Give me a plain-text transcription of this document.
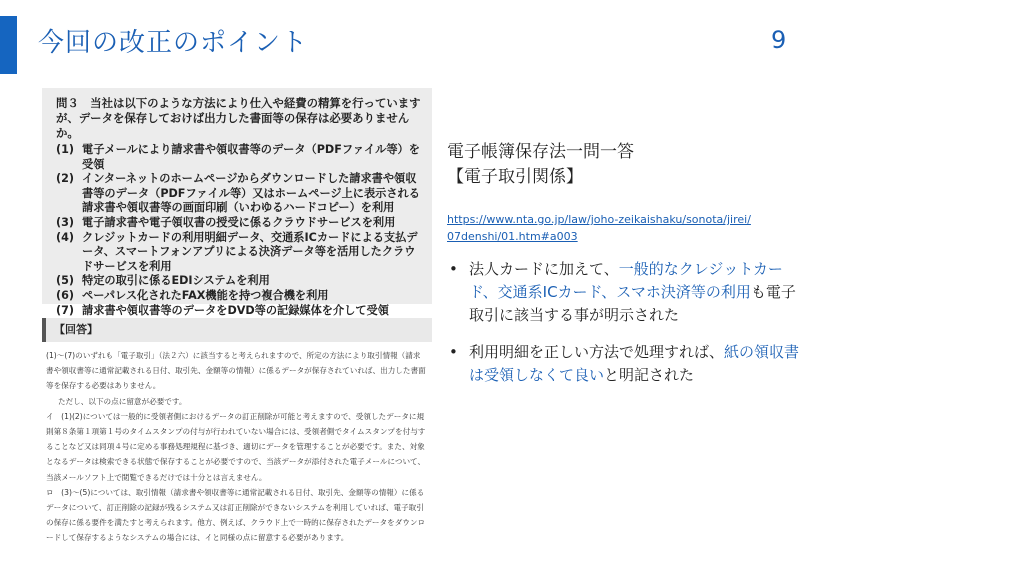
今回の改正のポイント	9
問３　当社は以下のような方法により仕入や経費の精算を行っていますが、データを保存しておけば出力した書面等の保存は必要ありませんか。
(1) 電子メールにより請求書や領収書等のデータ（PDFファイル等）を受領
(2) インターネットのホームページからダウンロードした請求書や領収書等のデータ（PDFファイル等）又はホームページ上に表示される請求書や領収書等の画面印刷（いわゆるハードコピー）を利用
(3) 電子請求書や電子領収書の授受に係るクラウドサービスを利用
(4) クレジットカードの利用明細データ、交通系ICカードによる支払データ、スマートフォンアプリによる決済データ等を活用したクラウドサービスを利用
(5) 特定の取引に係るEDIシステムを利用
(6) ペーパレス化されたFAX機能を持つ複合機を利用
(7) 請求書や領収書等のデータをDVD等の記録媒体を介して受領
【回答】
(1)～(7)のいずれも「電子取引」（法２六）に該当すると考えられますので、所定の方法により取引情報（請求書や領収書等に通常記載される日付、取引先、金額等の情報）に係るデータが保存されていれば、出力した書面等を保存する必要はありません。
ただし、以下の点に留意が必要です。
イ　(1)(2)については一般的に受領者側におけるデータの訂正削除が可能と考えますので、受領したデータに規則第８条第１項第１号のタイムスタンプの付与が行われていない場合には、受領者側でタイムスタンプを付与することなど又は同項４号に定める事務処理規程に基づき、適切にデータを管理することが必要です。また、対象となるデータは検索できる状態で保存することが必要ですので、当該データが添付された電子メールについて、当該メールソフト上で閲覧できるだけでは十分とは言えません。
ロ　(3)～(5)については、取引情報（請求書や領収書等に通常記載される日付、取引先、金額等の情報）に係るデータについて、訂正削除の記録が残るシステム又は訂正削除ができないシステムを利用していれば、電子取引の保存に係る要件を満たすと考えられます。他方、例えば、クラウド上で一時的に保存されたデータをダウンロードして保存するようなシステムの場合には、イと同様の点に留意する必要があります。
電子帳簿保存法一問一答
【電子取引関係】
https://www.nta.go.jp/law/joho-zeikaishaku/sonota/jirei/07denshi/01.htm#a003
• 法人カードに加えて、一般的なクレジットカード、交通系ICカード、スマホ決済等の利用も電子取引に該当する事が明示された
• 利用明細を正しい方法で処理すれば、紙の領収書は受領しなくて良いと明記された
